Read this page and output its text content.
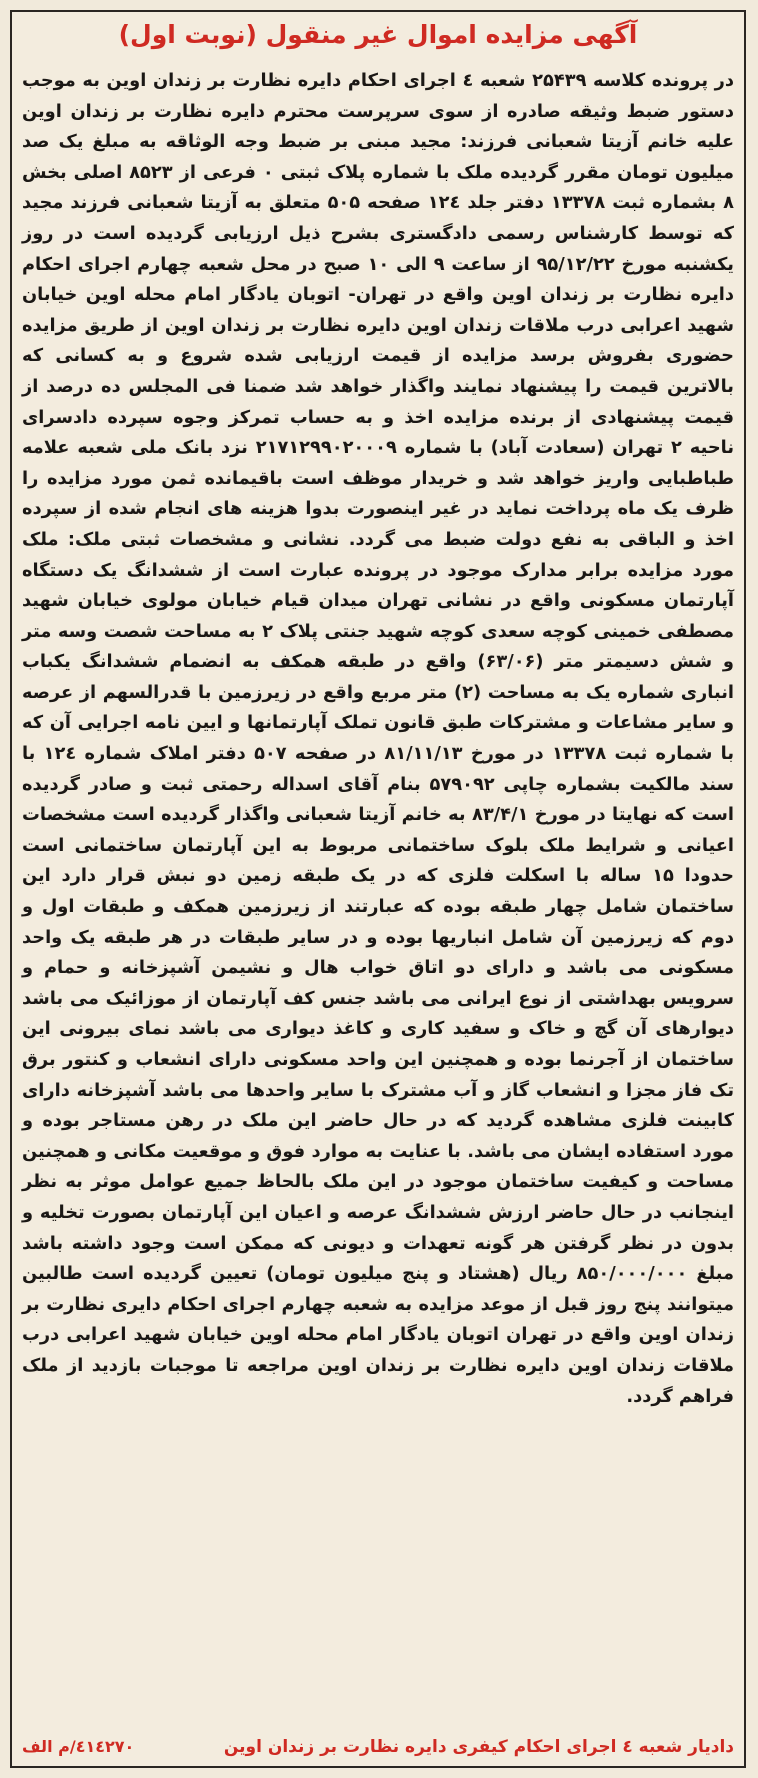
آگهی مزایده اموال غیر منقول (نوبت اول)
در پرونده کلاسه ۲۵۴۳۹ شعبه ٤ اجرای احکام دایره نظارت بر زندان اوین به موجب دستور ضبط وثیقه صادره از سوی سرپرست محترم دایره نظارت بر زندان اوین علیه خانم آزیتا شعبانی فرزند: مجید مبنی بر ضبط وجه الوثاقه به مبلغ یک صد میلیون تومان مقرر گردیده ملک با شماره پلاک ثبتی ۰ فرعی از ۸۵۲۳ اصلی بخش ۸ بشماره ثبت ۱۳۳۷۸ دفتر جلد ۱۲٤ صفحه ۵۰۵ متعلق به آزیتا شعبانی فرزند مجید که توسط کارشناس رسمی دادگستری بشرح ذیل ارزیابی گردیده است در روز یکشنبه مورخ ۹۵/۱۲/۲۲ از ساعت ۹ الی ۱۰ صبح در محل شعبه چهارم اجرای احکام دایره نظارت بر زندان اوین واقع در تهران- اتوبان یادگار امام محله اوین خیابان شهید اعرابی درب ملاقات زندان اوین دایره نظارت بر زندان اوین از طریق مزایده حضوری بفروش برسد مزایده از قیمت ارزیابی شده شروع و به کسانی که بالاترین قیمت را پیشنهاد نمایند واگذار خواهد شد ضمنا فی المجلس ده درصد از قیمت پیشنهادی از برنده مزایده اخذ و به حساب تمرکز وجوه سپرده دادسرای ناحیه ۲ تهران (سعادت آباد) با شماره ۲۱۷۱۲۹۹۰۲۰۰۰۹ نزد بانک ملی شعبه علامه طباطبایی واریز خواهد شد و خریدار موظف است باقیمانده ثمن مورد مزایده را ظرف یک ماه پرداخت نماید در غیر اینصورت بدوا هزینه های انجام شده از سپرده اخذ و الباقی به نفع دولت ضبط می گردد. نشانی و مشخصات ثبتی ملک: ملک مورد مزایده برابر مدارک موجود در پرونده عبارت است از ششدانگ یک دستگاه آپارتمان مسکونی واقع در نشانی تهران میدان قیام خیابان مولوی خیابان شهید مصطفی خمینی کوچه سعدی کوچه شهید جنتی پلاک ۲ به مساحت شصت وسه متر و شش دسیمتر متر (۶۳/۰۶) واقع در طبقه همکف به انضمام ششدانگ یکباب انباری شماره یک به مساحت (۲) متر مربع واقع در زیرزمین با قدرالسهم از عرصه و سایر مشاعات و مشترکات طبق قانون تملک آپارتمانها و ایین نامه اجرایی آن که با شماره ثبت ۱۳۳۷۸ در مورخ ۸۱/۱۱/۱۳ در صفحه ۵۰۷ دفتر املاک شماره ۱۲٤ با سند مالکیت بشماره چاپی ۵۷۹۰۹۲ بنام آقای اسداله رحمتی ثبت و صادر گردیده است که نهایتا در مورخ ۸۳/۴/۱ به خانم آزیتا شعبانی واگذار گردیده است مشخصات اعیانی و شرایط ملک بلوک ساختمانی مربوط به این آپارتمان ساختمانی است حدودا ۱۵ ساله با اسکلت فلزی که در یک طبقه زمین دو نبش قرار دارد این ساختمان شامل چهار طبقه بوده که عبارتند از زیرزمین همکف و طبقات اول و دوم که زیرزمین آن شامل انباریها بوده و در سایر طبقات در هر طبقه یک واحد مسکونی می باشد و دارای دو اتاق خواب هال و نشیمن آشپزخانه و حمام و سرویس بهداشتی از نوع ایرانی می باشد جنس کف آپارتمان از موزائیک می باشد دیوارهای آن گچ و خاک و سفید کاری و کاغذ دیواری می باشد نمای بیرونی این ساختمان از آجرنما بوده و همچنین این واحد مسکونی دارای انشعاب و کنتور برق تک فاز مجزا و انشعاب گاز و آب مشترک با سایر واحدها می باشد آشپزخانه دارای کابینت فلزی مشاهده گردید که در حال حاضر این ملک در رهن مستاجر بوده و مورد استفاده ایشان می باشد. با عنایت به موارد فوق و موقعیت مکانی و همچنین مساحت و کیفیت ساختمان موجود در این ملک بالحاظ جمیع عوامل موثر به نظر اینجانب در حال حاضر ارزش ششدانگ عرصه و اعیان این آپارتمان بصورت تخلیه و بدون در نظر گرفتن هر گونه تعهدات و دیونی که ممکن است وجود داشته باشد مبلغ ۸۵۰/۰۰۰/۰۰۰ ریال (هشتاد و پنج میلیون تومان) تعیین گردیده است طالبین میتوانند پنج روز قبل از موعد مزایده به شعبه چهارم اجرای احکام دایری نظارت بر زندان اوین واقع در تهران اتوبان یادگار امام محله اوین خیابان شهید اعرابی درب ملاقات زندان اوین دایره نظارت بر زندان اوین مراجعه تا موجبات بازدید از ملک فراهم گردد.
دادیار شعبه ٤ اجرای احکام کیفری دایره نظارت بر زندان اوین
٤١٤٢٧٠/م الف
